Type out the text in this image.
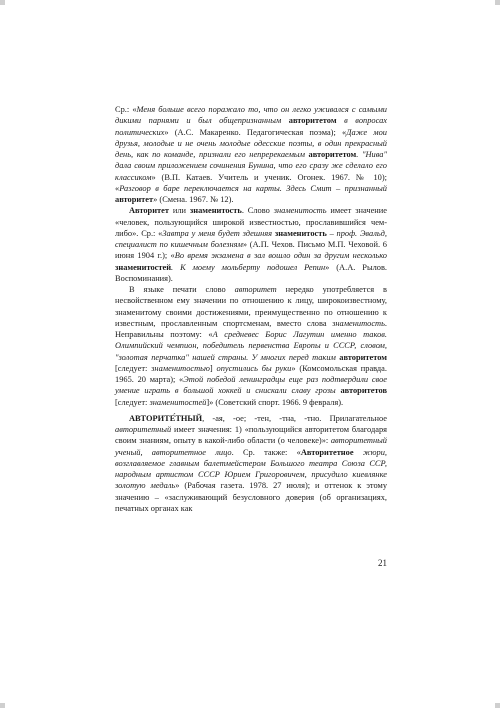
Ср.: «Меня больше всего поражало то, что он легко уживался с самыми дикими парнями и был общепризнанным авторитетом в вопросах политических» (А.С. Макаренко. Педагогическая поэма); «Даже мои друзья, молодые и не очень молодые одесские поэты, в один прекрасный день, как по команде, признали его непререкаемым авторитетом. "Нива" дала своим приложением сочинения Бунина, что его сразу же сделало его классиком» (В.П. Катаев. Учитель и ученик. Огонек. 1967. № 10); «Разговор в баре переключается на карты. Здесь Смит – признанный авторитет» (Смена. 1967. № 12).

Авторитет или знаменитость. Слово знаменитость имеет значение «человек, пользующийся широкой известностью, прославившийся чем-либо». Ср.: «Завтра у меня будет здешняя знаменитость – проф. Эвальд, специалист по кишечным болезням» (А.П. Чехов. Письмо М.П. Чеховой. 6 июня 1904 г.); «Во время экзамена в зал вошло один за другим несколько знаменитостей. К моему мольберту подошел Репин» (А.А. Рылов. Воспоминания).

В языке печати слово авторитет нередко употребляется в несвойственном ему значении по отношению к лицу, широкоизвестному, знаменитому своими достижениями, преимущественно по отношению к известным, прославленным спортсменам, вместо слова знаменитость. Неправильны поэтому: «А средневес Борис Лагутин именно таков. Олимпийский чемпион, победитель первенства Европы и СССР, словом, "золотая перчатка" нашей страны. У многих перед таким авторитетом [следует: знаменитостью] опустились бы руки» (Комсомольская правда. 1965. 20 марта); «Этой победой ленинградцы еще раз подтвердили свое умение играть в большой хоккей и снискали славу грозы авторитетов [следует: знаменитостей]» (Советский спорт. 1966. 9 февраля).

АВТОРИТЕ́ТНЫЙ, -ая, -ое; -тен, -тна, -тно. Прилагательное авторитетный имеет значения: 1) «пользующийся авторитетом благодаря своим знаниям, опыту в какой-либо области (о человеке)»: авторитетный ученый, авторитетное лицо. Ср. также: «Авторитетное жюри, возглавляемое главным балетмейстером Большого театра Союза ССР, народным артистом СССР Юрием Григоровичем, присудило киевлянке золотую медаль» (Рабочая газета. 1978. 27 июля); и оттенок к этому значению – «заслуживающий безусловного доверия (об организациях, печатных органах как

21
